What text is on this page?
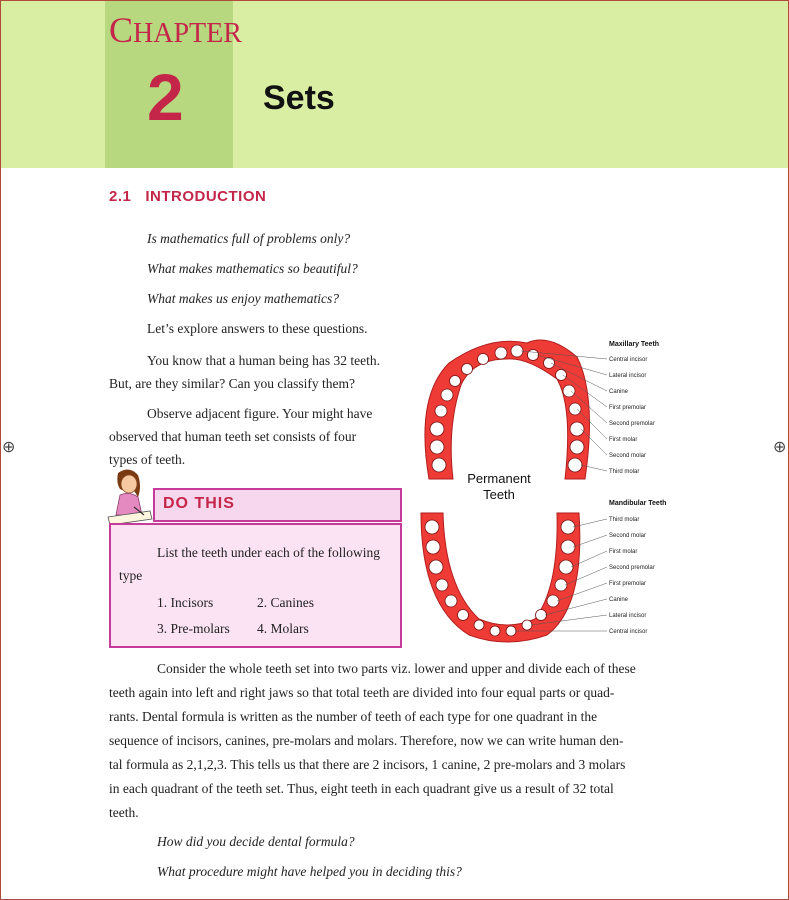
CHAPTER
2 Sets
2.1 INTRODUCTION
Is mathematics full of problems only?
What makes mathematics so beautiful?
What makes us enjoy mathematics?
Let’s explore answers to these questions.
You know that a human being has 32 teeth.
But, are they similar? Can you classify them?
Observe adjacent figure. Your might have
observed that human teeth set consists of four
types of teeth.
⊕	⊕
DO THIS
List the teeth under each of the following
type
1. Incisors	2. Canines
3. Pre-molars 4. Molars
Permanent
Teeth
Maxillary Teeth
Central incisor
Lateral incisor
Canine
First premolar
Second premolar
First molar
Second molar
Third molar
Mandibular Teeth
Third molar
Second molar
First molar
Second premolar
First premolar
Canine
Lateral incisor
Central incisor
Consider the whole teeth set into two parts viz. lower and upper and divide each of these
teeth again into left and right jaws so that total teeth are divided into four equal parts or quad-
rants. Dental formula is written as the number of teeth of each type for one quadrant in the
sequence of incisors, canines, pre-molars and molars. Therefore, now we can write human den-
tal formula as 2,1,2,3. This tells us that there are 2 incisors, 1 canine, 2 pre-molars and 3 molars
in each quadrant of the teeth set. Thus, eight teeth in each quadrant give us a result of 32 total
teeth.
How did you decide dental formula?
What procedure might have helped you in deciding this?
